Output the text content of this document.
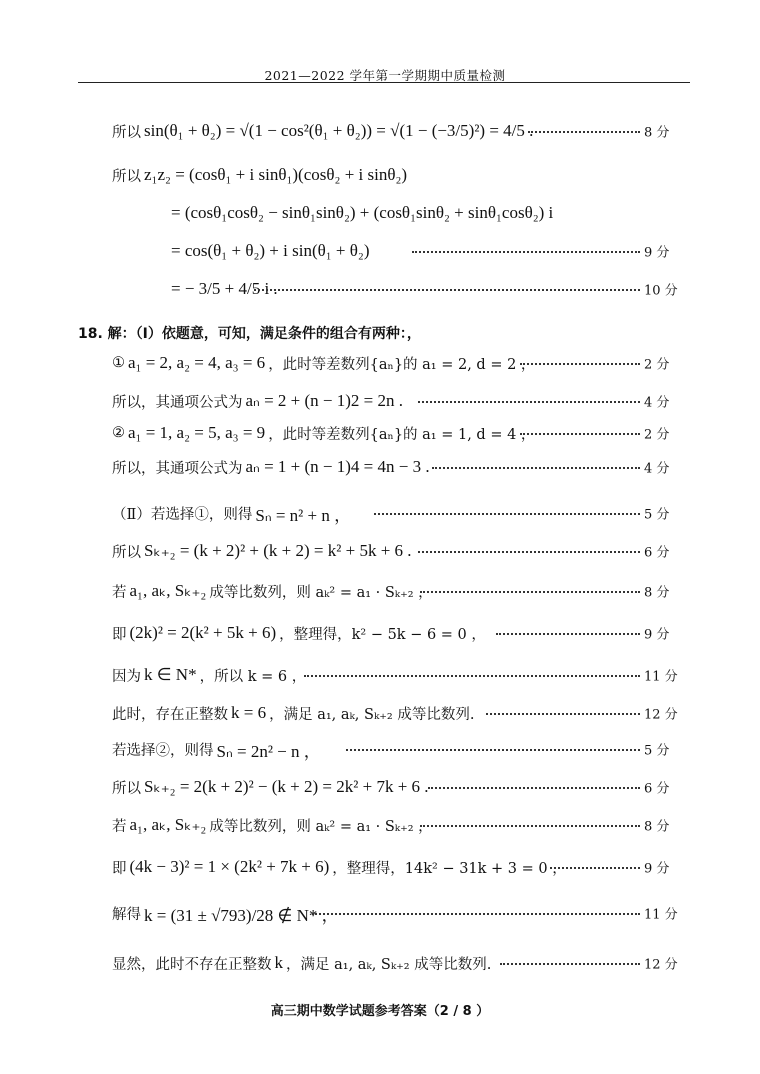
2021—2022 学年第一学期期中质量检测
所以 sin(θ₁ + θ₂) = √(1 − cos²(θ₁ + θ₂)) = √(1 − (−3/5)²) = 4/5 .	8 分
所以 z₁z₂ = (cosθ₁ + i sinθ₁)(cosθ₂ + i sinθ₂)
= (cosθ₁cosθ₂ − sinθ₁sinθ₂) + (cosθ₁sinθ₂ + sinθ₁cosθ₂) i
= cos(θ₁ + θ₂) + i sin(θ₁ + θ₂)	9 分
= − 3/5 + 4/5 i .	10 分
18. 解：（Ⅰ）依题意，可知，满足条件的组合有两种：，
① a₁ = 2, a₂ = 4, a₃ = 6 ，此时等差数列{aₙ}的 a₁ = 2, d = 2 ，	2 分
所以，其通项公式为 aₙ = 2 + (n − 1)2 = 2n .	4 分
② a₁ = 1, a₂ = 5, a₃ = 9 ，此时等差数列{aₙ}的 a₁ = 1, d = 4 ，	2 分
所以，其通项公式为 aₙ = 1 + (n − 1)4 = 4n − 3 .	4 分
（Ⅱ）若选择①，则得 Sₙ = n² + n ，	5 分
所以 Sₖ₊₂ = (k + 2)² + (k + 2) = k² + 5k + 6 .	6 分
若 a₁, aₖ, Sₖ₊₂ 成等比数列，则 aₖ² = a₁ · Sₖ₊₂ ，	8 分
即 (2k)² = 2(k² + 5k + 6) ，整理得，k² − 5k − 6 = 0 ，	9 分
因为 k ∈ N* ，所以 k = 6 ，	11 分
此时，存在正整数 k = 6 ，满足 a₁, aₖ, Sₖ₊₂ 成等比数列.	12 分
若选择②，则得 Sₙ = 2n² − n ，	5 分
所以 Sₖ₊₂ = 2(k + 2)² − (k + 2) = 2k² + 7k + 6 .	6 分
若 a₁, aₖ, Sₖ₊₂ 成等比数列，则 aₖ² = a₁ · Sₖ₊₂ ，	8 分
即 (4k − 3)² = 1 × (2k² + 7k + 6) ，整理得，14k² − 31k + 3 = 0 ，	9 分
解得 k = (31 ± √793)/28 ∉ N* ，	11 分
显然，此时不存在正整数 k ，满足 a₁, aₖ, Sₖ₊₂ 成等比数列.	12 分
高三期中数学试题参考答案（2 / 8 ）
